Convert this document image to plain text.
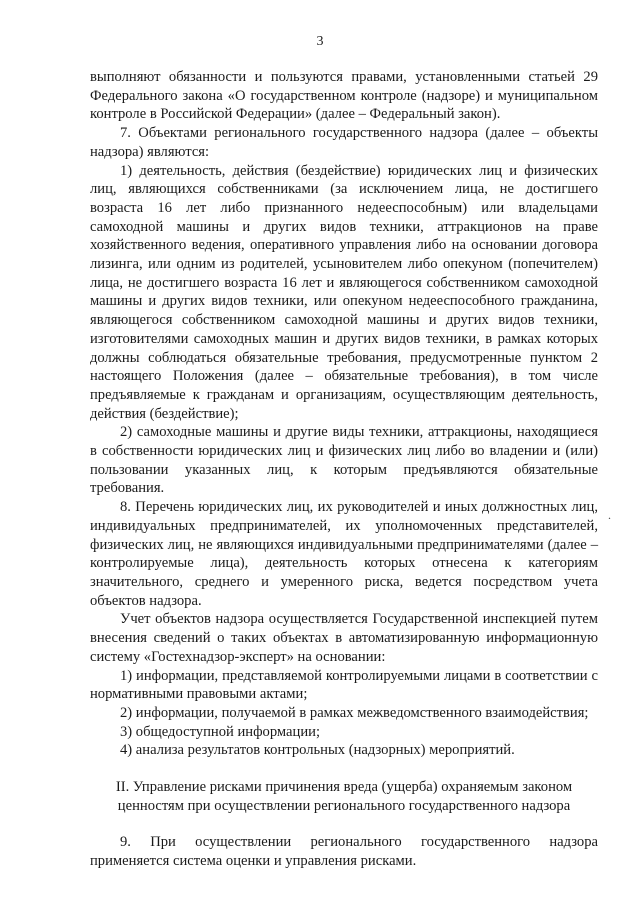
3

выполняют обязанности и пользуются правами, установленными статьей 29 Федерального закона «О государственном контроле (надзоре) и муниципальном контроле в Российской Федерации» (далее – Федеральный закон).

7. Объектами регионального государственного надзора (далее – объекты надзора) являются:

1) деятельность, действия (бездействие) юридических лиц и физических лиц, являющихся собственниками (за исключением лица, не достигшего возраста 16 лет либо признанного недееспособным) или владельцами самоходной машины и других видов техники, аттракционов на праве хозяйственного ведения, оперативного управления либо на основании договора лизинга, или одним из родителей, усыновителем либо опекуном (попечителем) лица, не достигшего возраста 16 лет и являющегося собственником самоходной машины и других видов техники, или опекуном недееспособного гражданина, являющегося собственником самоходной машины и других видов техники, изготовителями самоходных машин и других видов техники, в рамках которых должны соблюдаться обязательные требования, предусмотренные пунктом 2 настоящего Положения (далее – обязательные требования), в том числе предъявляемые к гражданам и организациям, осуществляющим деятельность, действия (бездействие);

2) самоходные машины и другие виды техники, аттракционы, находящиеся в собственности юридических лиц и физических лиц либо во владении и (или) пользовании указанных лиц, к которым предъявляются обязательные требования.

8. Перечень юридических лиц, их руководителей и иных должностных лиц, индивидуальных предпринимателей, их уполномоченных представителей, физических лиц, не являющихся индивидуальными предпринимателями (далее – контролируемые лица), деятельность которых отнесена к категориям значительного, среднего и умеренного риска, ведется посредством учета объектов надзора.

Учет объектов надзора осуществляется Государственной инспекцией путем внесения сведений о таких объектах в автоматизированную информационную систему «Гостехнадзор-эксперт» на основании:

1) информации, представляемой контролируемыми лицами в соответствии с нормативными правовыми актами;

2) информации, получаемой в рамках межведомственного взаимодействия;

3) общедоступной информации;

4) анализа результатов контрольных (надзорных) мероприятий.

II. Управление рисками причинения вреда (ущерба) охраняемым законом ценностям при осуществлении регионального государственного надзора

9. При осуществлении регионального государственного надзора применяется система оценки и управления рисками.

.
